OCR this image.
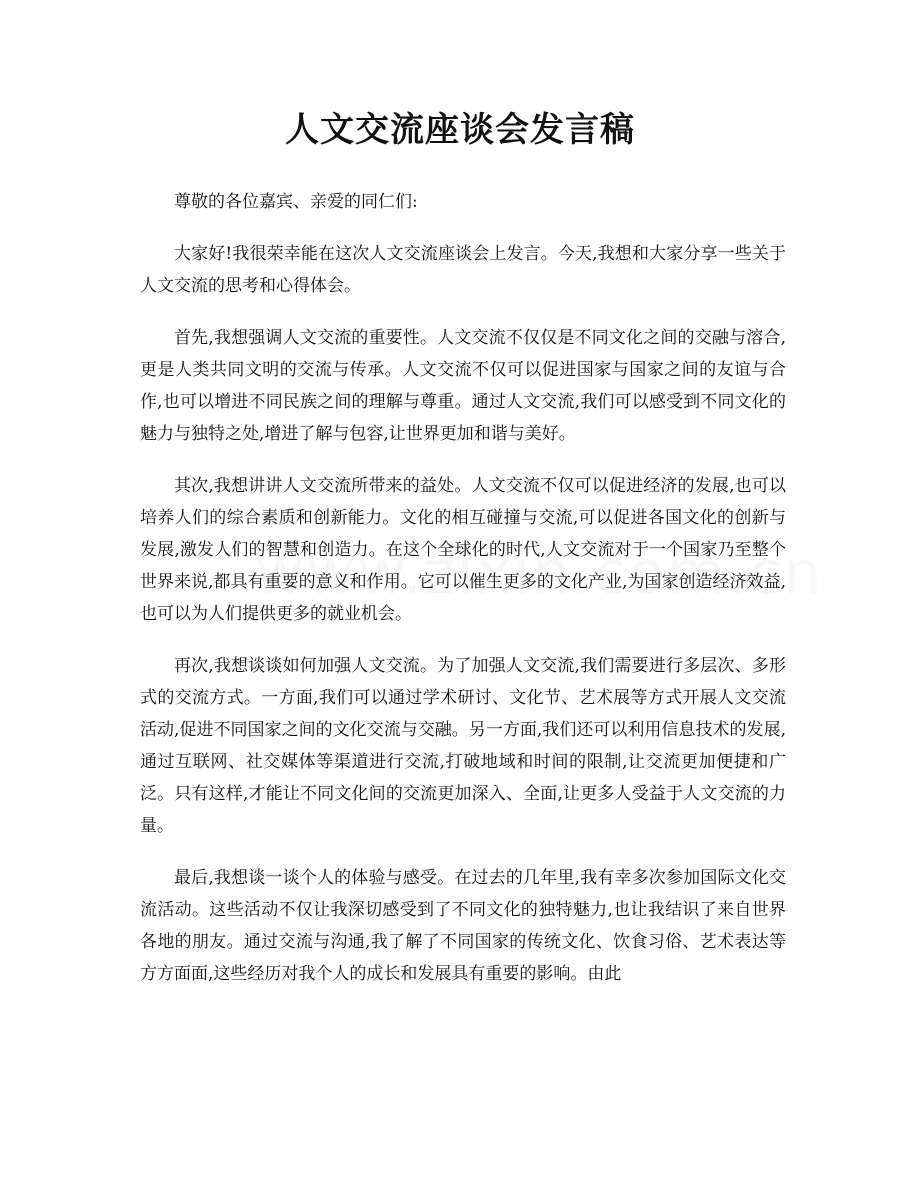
人文交流座谈会发言稿

尊敬的各位嘉宾、亲爱的同仁们:

大家好!我很荣幸能在这次人文交流座谈会上发言。今天,我想和大家分享一些关于人文交流的思考和心得体会。

首先,我想强调人文交流的重要性。人文交流不仅仅是不同文化之间的交融与溶合,更是人类共同文明的交流与传承。人文交流不仅可以促进国家与国家之间的友谊与合作,也可以增进不同民族之间的理解与尊重。通过人文交流,我们可以感受到不同文化的魅力与独特之处,增进了解与包容,让世界更加和谐与美好。

其次,我想讲讲人文交流所带来的益处。人文交流不仅可以促进经济的发展,也可以培养人们的综合素质和创新能力。文化的相互碰撞与交流,可以促进各国文化的创新与发展,激发人们的智慧和创造力。在这个全球化的时代,人文交流对于一个国家乃至整个世界来说,都具有重要的意义和作用。它可以催生更多的文化产业,为国家创造经济效益,也可以为人们提供更多的就业机会。

再次,我想谈谈如何加强人文交流。为了加强人文交流,我们需要进行多层次、多形式的交流方式。一方面,我们可以通过学术研讨、文化节、艺术展等方式开展人文交流活动,促进不同国家之间的文化交流与交融。另一方面,我们还可以利用信息技术的发展,通过互联网、社交媒体等渠道进行交流,打破地域和时间的限制,让交流更加便捷和广泛。只有这样,才能让不同文化间的交流更加深入、全面,让更多人受益于人文交流的力量。

最后,我想谈一谈个人的体验与感受。在过去的几年里,我有幸多次参加国际文化交流活动。这些活动不仅让我深切感受到了不同文化的独特魅力,也让我结识了来自世界各地的朋友。通过交流与沟通,我了解了不同国家的传统文化、饮食习俗、艺术表达等方方面面,这些经历对我个人的成长和发展具有重要的影响。由此
